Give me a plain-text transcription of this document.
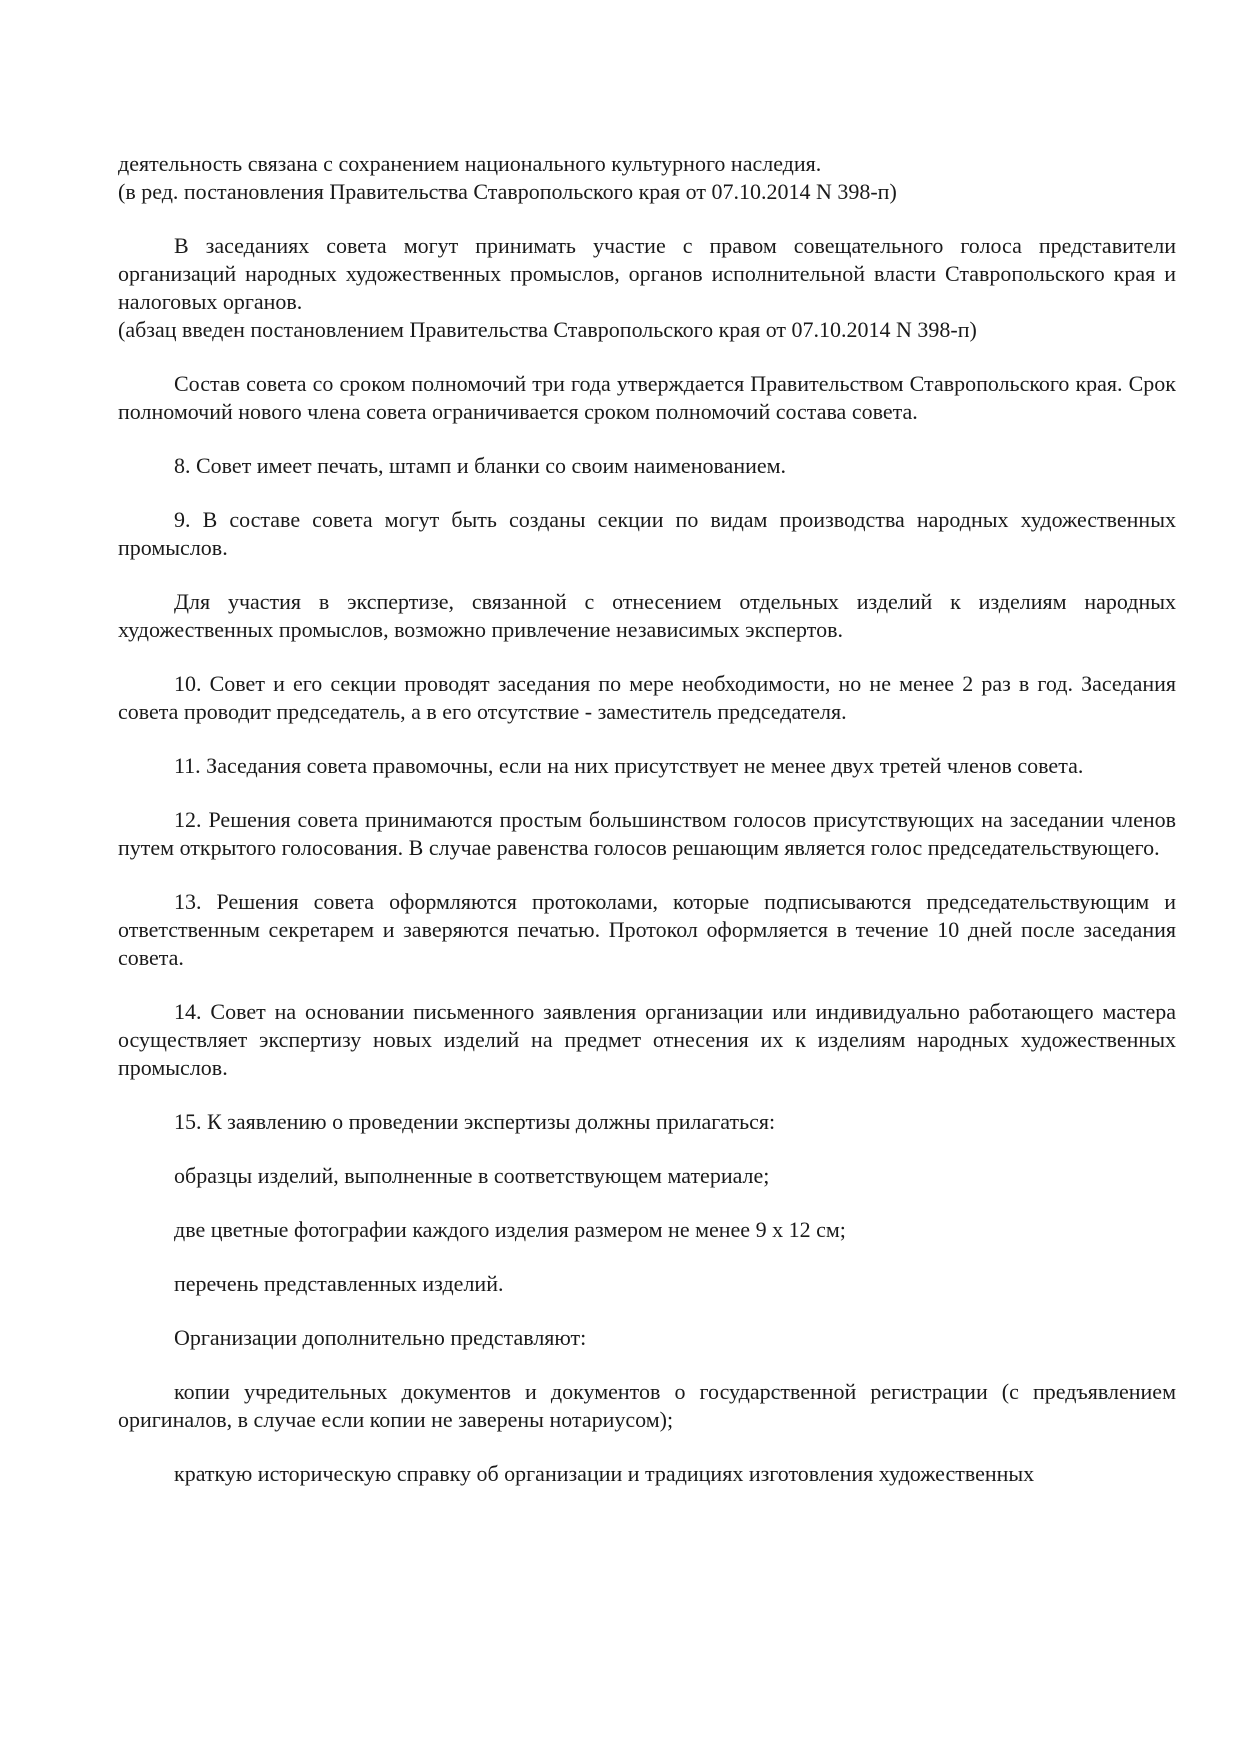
деятельность связана с сохранением национального культурного наследия.
(в ред. постановления Правительства Ставропольского края от 07.10.2014 N 398-п)

В заседаниях совета могут принимать участие с правом совещательного голоса представители организаций народных художественных промыслов, органов исполнительной власти Ставропольского края и налоговых органов.
(абзац введен постановлением Правительства Ставропольского края от 07.10.2014 N 398-п)

Состав совета со сроком полномочий три года утверждается Правительством Ставропольского края. Срок полномочий нового члена совета ограничивается сроком полномочий состава совета.

8. Совет имеет печать, штамп и бланки со своим наименованием.

9. В составе совета могут быть созданы секции по видам производства народных художественных промыслов.

Для участия в экспертизе, связанной с отнесением отдельных изделий к изделиям народных художественных промыслов, возможно привлечение независимых экспертов.

10. Совет и его секции проводят заседания по мере необходимости, но не менее 2 раз в год. Заседания совета проводит председатель, а в его отсутствие - заместитель председателя.

11. Заседания совета правомочны, если на них присутствует не менее двух третей членов совета.

12. Решения совета принимаются простым большинством голосов присутствующих на заседании членов путем открытого голосования. В случае равенства голосов решающим является голос председательствующего.

13. Решения совета оформляются протоколами, которые подписываются председательствующим и ответственным секретарем и заверяются печатью. Протокол оформляется в течение 10 дней после заседания совета.

14. Совет на основании письменного заявления организации или индивидуально работающего мастера осуществляет экспертизу новых изделий на предмет отнесения их к изделиям народных художественных промыслов.

15. К заявлению о проведении экспертизы должны прилагаться:

образцы изделий, выполненные в соответствующем материале;

две цветные фотографии каждого изделия размером не менее 9 х 12 см;

перечень представленных изделий.

Организации дополнительно представляют:

копии учредительных документов и документов о государственной регистрации (с предъявлением оригиналов, в случае если копии не заверены нотариусом);

краткую историческую справку об организации и традициях изготовления художественных
